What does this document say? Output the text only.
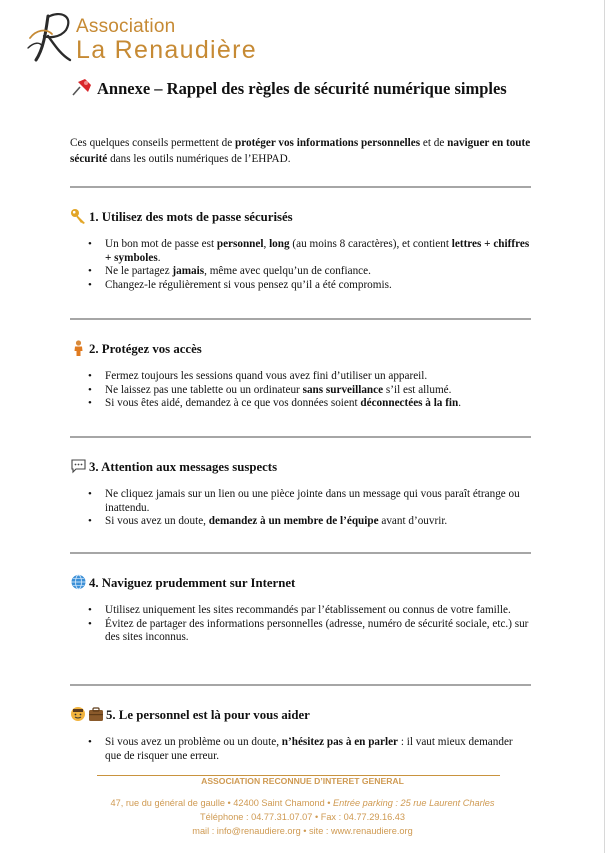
Association
La Renaudière
Annexe – Rappel des règles de sécurité numérique simples
Ces quelques conseils permettent de protéger vos informations personnelles et de naviguer en toute sécurité dans les outils numériques de l’EHPAD.
1. Utilisez des mots de passe sécurisés
• Un bon mot de passe est personnel, long (au moins 8 caractères), et contient lettres + chiffres + symboles.
• Ne le partagez jamais, même avec quelqu’un de confiance.
• Changez-le régulièrement si vous pensez qu’il a été compromis.
2. Protégez vos accès
• Fermez toujours les sessions quand vous avez fini d’utiliser un appareil.
• Ne laissez pas une tablette ou un ordinateur sans surveillance s’il est allumé.
• Si vous êtes aidé, demandez à ce que vos données soient déconnectées à la fin.
3. Attention aux messages suspects
• Ne cliquez jamais sur un lien ou une pièce jointe dans un message qui vous paraît étrange ou inattendu.
• Si vous avez un doute, demandez à un membre de l’équipe avant d’ouvrir.
4. Naviguez prudemment sur Internet
• Utilisez uniquement les sites recommandés par l’établissement ou connus de votre famille.
• Évitez de partager des informations personnelles (adresse, numéro de sécurité sociale, etc.) sur des sites inconnus.
5. Le personnel est là pour vous aider
• Si vous avez un problème ou un doute, n’hésitez pas à en parler : il vaut mieux demander que de risquer une erreur.
ASSOCIATION RECONNUE D’INTERET GENERAL
47, rue du général de gaulle • 42400 Saint Chamond • Entrée parking : 25 rue Laurent Charles
Téléphone : 04.77.31.07.07 • Fax : 04.77.29.16.43
mail : info@renaudiere.org • site : www.renaudiere.org
